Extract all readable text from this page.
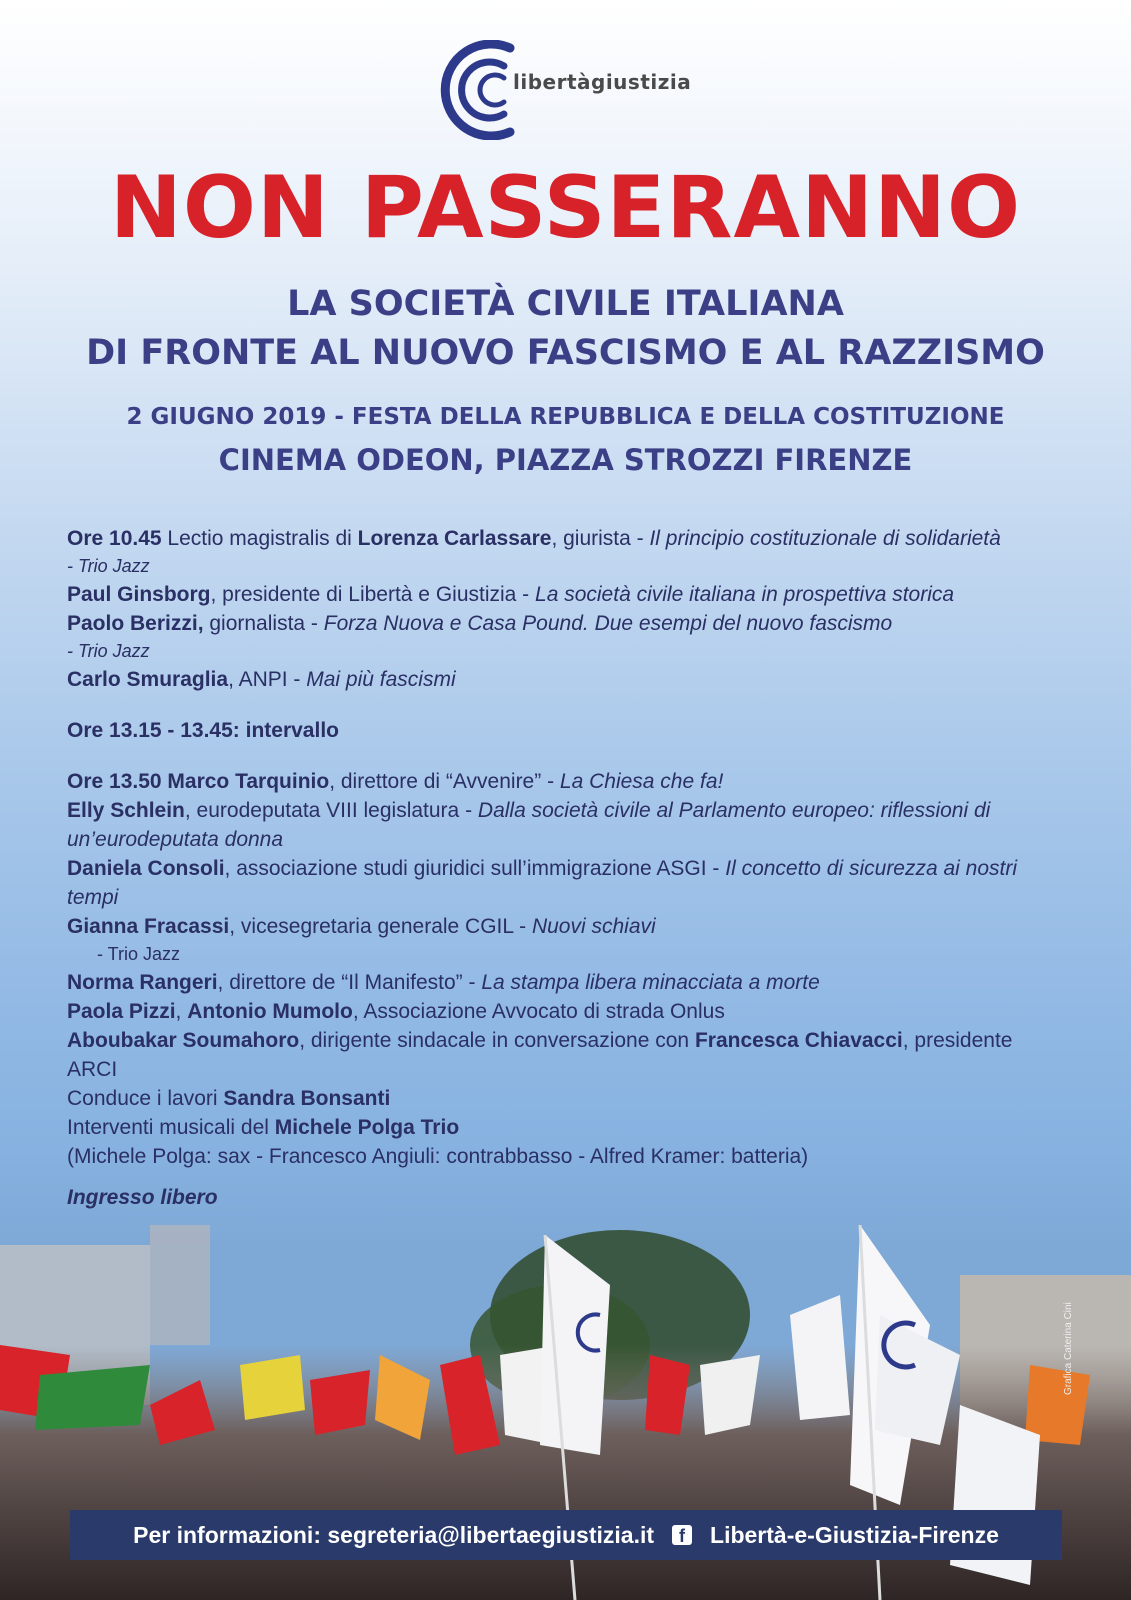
libertàgiustizia
NON PASSERANNO
LA SOCIETÀ CIVILE ITALIANA
DI FRONTE AL NUOVO FASCISMO E AL RAZZISMO
2 GIUGNO 2019 - FESTA DELLA REPUBBLICA E DELLA COSTITUZIONE
CINEMA ODEON, PIAZZA STROZZI FIRENZE
Ore 10.45 Lectio magistralis di Lorenza Carlassare, giurista - Il principio costituzionale di solidarietà
- Trio Jazz
Paul Ginsborg, presidente di Libertà e Giustizia - La società civile italiana in prospettiva storica
Paolo Berizzi, giornalista - Forza Nuova e Casa Pound. Due esempi del nuovo fascismo
- Trio Jazz
Carlo Smuraglia, ANPI - Mai più fascismi
Ore 13.15 - 13.45: intervallo
Ore 13.50 Marco Tarquinio, direttore di “Avvenire” - La Chiesa che fa!
Elly Schlein, eurodeputata VIII legislatura - Dalla società civile al Parlamento europeo: riflessioni di un’eurodeputata donna
Daniela Consoli, associazione studi giuridici sull’immigrazione ASGI - Il concetto di sicurezza ai nostri tempi
Gianna Fracassi, vicesegretaria generale CGIL - Nuovi schiavi
- Trio Jazz
Norma Rangeri, direttore de “Il Manifesto” - La stampa libera minacciata a morte
Paola Pizzi, Antonio Mumolo, Associazione Avvocato di strada Onlus
Aboubakar Soumahoro, dirigente sindacale in conversazione con Francesca Chiavacci, presidente ARCI
Conduce i lavori Sandra Bonsanti
Interventi musicali del Michele Polga Trio
(Michele Polga: sax - Francesco Angiuli: contrabbasso - Alfred Kramer: batteria)
Ingresso libero
Grafica Caterina Cini
Per informazioni: segreteria@libertaegiustizia.it	f	Libertà-e-Giustizia-Firenze
